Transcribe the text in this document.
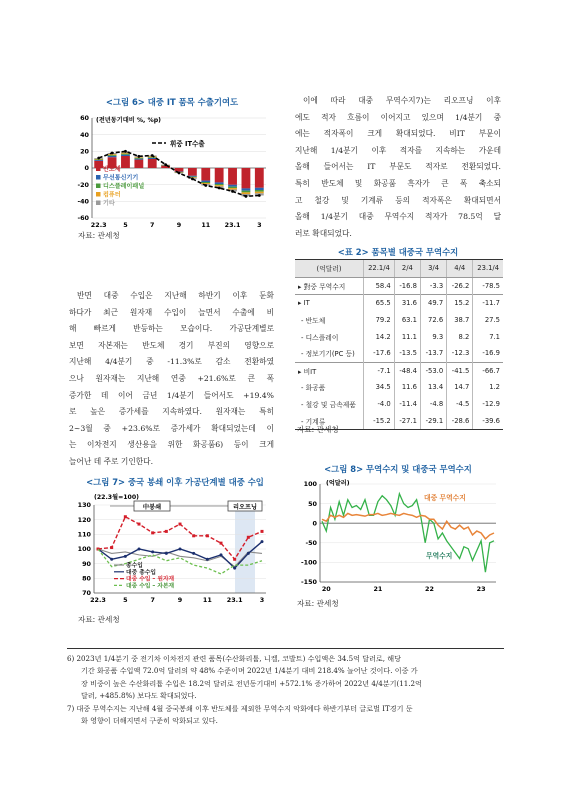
<그림 6> 대중 IT 품목 수출기여도
-60
-40
-20
0
20
40
60
22.3	5	7	9	11 23.1	3
(전년동기대비 %, %p)
휘중 IT수출
반도체
무선통신기기
디스플레이패널
컴퓨터
기타
자료: 관세청
반면 대중 수입은 지난해 하반기 이후 둔화
하다가 최근 원자재 수입이 늘면서 수출에 비
해 빠르게 반등하는 모습이다. 가공단계별로
보면 자본재는 반도체 경기 부진의 영향으로
지난해 4/4분기 중 -11.3%로 감소 전환하였
으나 원자재는 지난해 연중 +21.6%로 큰 폭
증가한 데 이어 금년 1/4분기 들어서도 +19.4%
로 높은 증가세를 지속하였다. 원자재는 특히
2~3월 중 +23.6%로 증가세가 확대되었는데 이
는 이차전지 생산용을 위한 화공품6) 등이 크게
늘어난 데 주로 기인한다.
<그림 7> 중국 봉쇄 이후 가공단계별 대중 수입
70
80
90
100
110
120
130
22.3	5	7	9	11 23.1	3
(22.3월=100)
中봉쇄	리오프닝
총수입
대중 총수입
대중 수입 – 원자재
대중 수입 – 자본재
자료: 관세청
이에 따라 대중 무역수지7)는 리오프닝 이후
에도 적자 흐름이 이어지고 있으며 1/4분기 중
에는 적자폭이 크게 확대되었다. 비IT 부문이
지난해 1/4분기 이후 적자를 지속하는 가운데
올해 들어서는 IT 부문도 적자로 전환되었다.
특히 반도체 및 화공품 흑자가 큰 폭 축소되
고 철강 및 기계류 등의 적자폭은 확대되면서
올해 1/4분기 대중 무역수지 적자가 78.5억 달
러로 확대되었다.
<표 2> 품목별 대중국 무역수지
(억달러)	22.1/4	2/4	3/4	4/4	23.1/4
▸ 對중 무역수지	58.4	-16.8	-3.3	-26.2	-78.5
▸ IT	65.5	31.6	49.7	15.2	-11.7
- 반도체	79.2	63.1	72.6	38.7	27.5
- 디스플레이	14.2	11.1	9.3	8.2	7.1
- 정보기기(PC 등)	-17.6	-13.5	-13.7	-12.3	-16.9
▸ 비IT	-7.1	-48.4	-53.0	-41.5	-66.7
- 화공품	34.5	11.6	13.4	14.7	1.2
- 철강 및 금속제품	-4.0	-11.4	-4.8	-4.5	-12.9
- 기계류	-15.2	-27.1	-29.1	-28.6	-39.6
자료: 관세청
<그림 8> 무역수지 및 대중국 무역수지
-150
-100
-50
0
50
100
20	21	22	23
(억달러)
대중 무역수지
무역수지
자료: 관세청
6) 2023년 1/4분기 중 전기차 이차전지 관련 품목(수산화리튬, 니켈, 코발트) 수입액은 34.5억 달러로, 해당
기간 화공품 수입액 72.0억 달러의 약 48% 수준이며 2022년 1/4분기 대비 218.4% 늘어난 것이다. 이중 가
장 비중이 높은 수산화리튬 수입은 18.2억 달러로 전년동기대비 +572.1% 증가하여 2022년 4/4분기(11.2억
달러, +485.8%) 보다도 확대되었다.
7) 대중 무역수지는 지난해 4월 중국봉쇄 이후 반도체를 제외한 무역수지 악화에다 하반기부터 글로벌 IT경기 둔
화 영향이 더해지면서 구준히 악화되고 있다.
